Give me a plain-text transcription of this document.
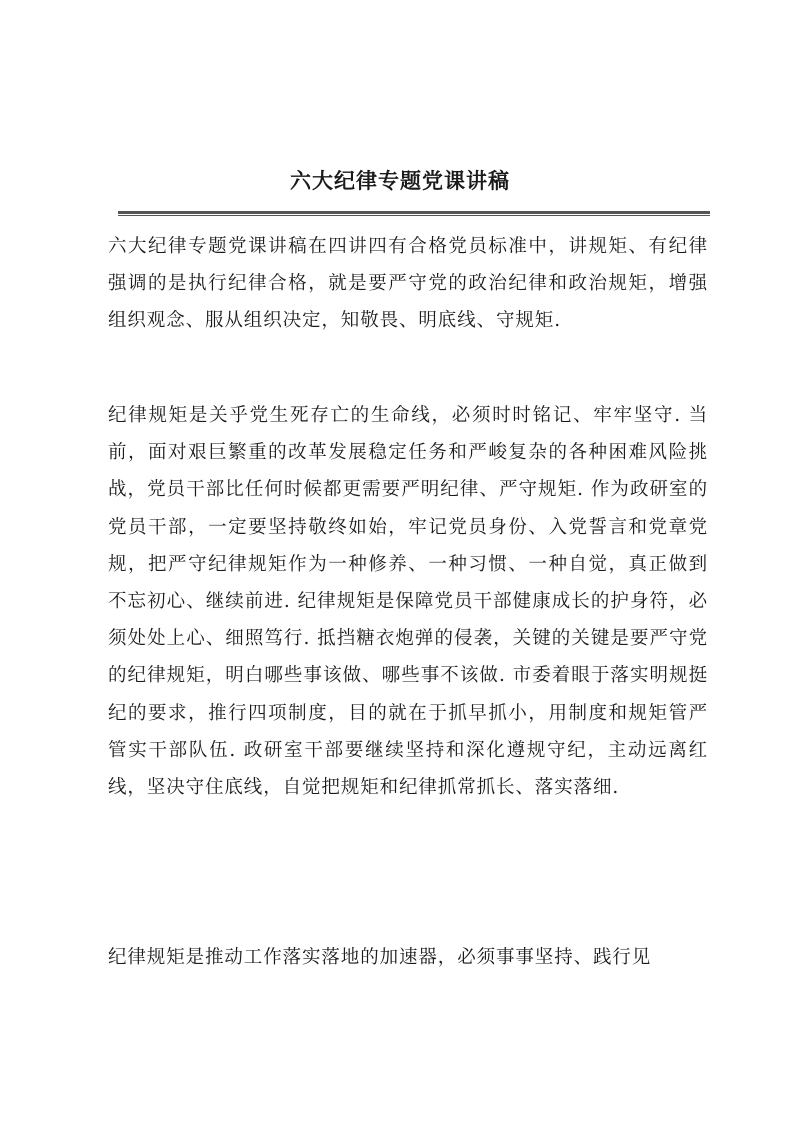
六大纪律专题党课讲稿

六大纪律专题党课讲稿在四讲四有合格党员标准中，讲规矩、有纪律强调的是执行纪律合格，就是要严守党的政治纪律和政治规矩，增强组织观念、服从组织决定，知敬畏、明底线、守规矩.

纪律规矩是关乎党生死存亡的生命线，必须时时铭记、牢牢坚守. 当前，面对艰巨繁重的改革发展稳定任务和严峻复杂的各种困难风险挑战，党员干部比任何时候都更需要严明纪律、严守规矩. 作为政研室的党员干部，一定要坚持敬终如始，牢记党员身份、入党誓言和党章党规，把严守纪律规矩作为一种修养、一种习惯、一种自觉，真正做到不忘初心、继续前进. 纪律规矩是保障党员干部健康成长的护身符，必须处处上心、细照笃行. 抵挡糖衣炮弹的侵袭，关键的关键是要严守党的纪律规矩，明白哪些事该做、哪些事不该做. 市委着眼于落实明规挺纪的要求，推行四项制度，目的就在于抓早抓小，用制度和规矩管严管实干部队伍. 政研室干部要继续坚持和深化遵规守纪，主动远离红线，坚决守住底线，自觉把规矩和纪律抓常抓长、落实落细.

纪律规矩是推动工作落实落地的加速器，必须事事坚持、践行见
